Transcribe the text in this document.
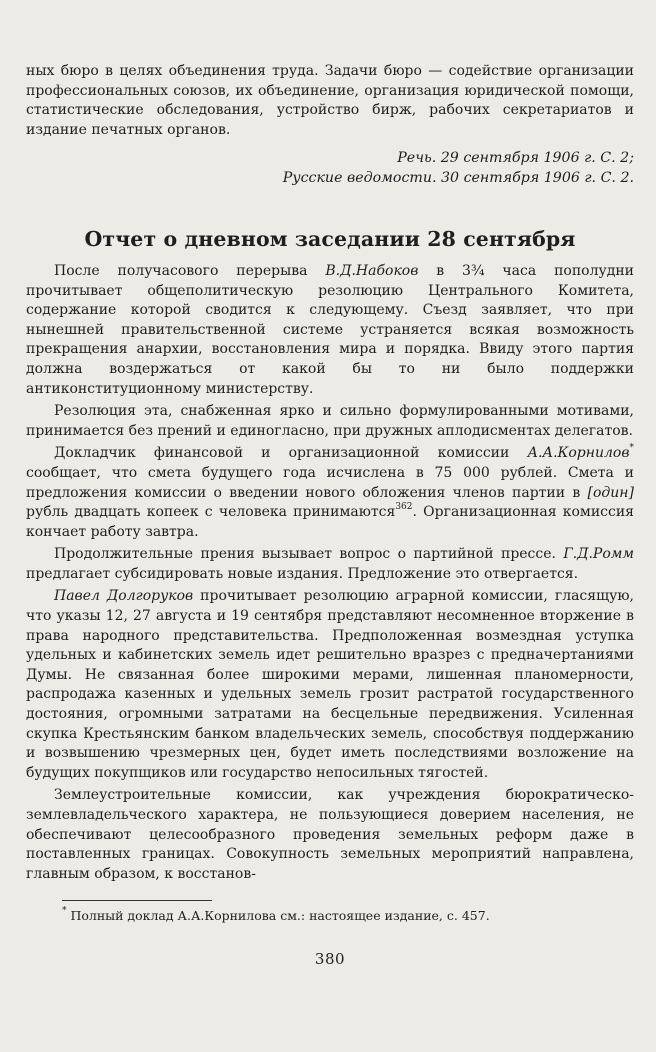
ных бюро в целях объединения труда. Задачи бюро — содействие организации профессиональных союзов, их объединение, организация юридической помощи, статистические обследования, устройство бирж, рабочих секретариатов и издание печатных органов.

Речь. 29 сентября 1906 г. С. 2;

Русские ведомости. 30 сентября 1906 г. С. 2.

Отчет о дневном заседании 28 сентября

После получасового перерыва В.Д.Набоков в 3¾ часа пополудни прочитывает общеполитическую резолюцию Центрального Комитета, содержание которой сводится к следующему. Съезд заявляет, что при нынешней правительственной системе устраняется всякая возможность прекращения анархии, восстановления мира и порядка. Ввиду этого партия должна воздержаться от какой бы то ни было поддержки антиконституционному министерству.

Резолюция эта, снабженная ярко и сильно формулированными мотивами, принимается без прений и единогласно, при дружных аплодисментах делегатов.

Докладчик финансовой и организационной комиссии А.А.Корнилов* сообщает, что смета будущего года исчислена в 75 000 рублей. Смета и предложения комиссии о введении нового обложения членов партии в [один] рубль двадцать копеек с человека принимаются$^{362}$. Организационная комиссия кончает работу завтра.

Продолжительные прения вызывает вопрос о партийной прессе. Г.Д.Ромм предлагает субсидировать новые издания. Предложение это отвергается.

Павел Долгоруков прочитывает резолюцию аграрной комиссии, гласящую, что указы 12, 27 августа и 19 сентября представляют несомненное вторжение в права народного представительства. Предположенная возмездная уступка удельных и кабинетских земель идет решительно вразрез с предначертаниями Думы. Не связанная более широкими мерами, лишенная планомерности, распродажа казенных и удельных земель грозит растратой государственного достояния, огромными затратами на бесцельные передвижения. Усиленная скупка Крестьянским банком владельческих земель, способствуя поддержанию и возвышению чрезмерных цен, будет иметь последствиями возложение на будущих покупщиков или государство непосильных тягостей.

Землеустроительные комиссии, как учреждения бюрократическо-землевладельческого характера, не пользующиеся доверием населения, не обеспечивают целесообразного проведения земельных реформ даже в поставленных границах. Совокупность земельных мероприятий направлена, главным образом, к восстанов-

* Полный доклад А.А.Корнилова см.: настоящее издание, с. 457.

380
